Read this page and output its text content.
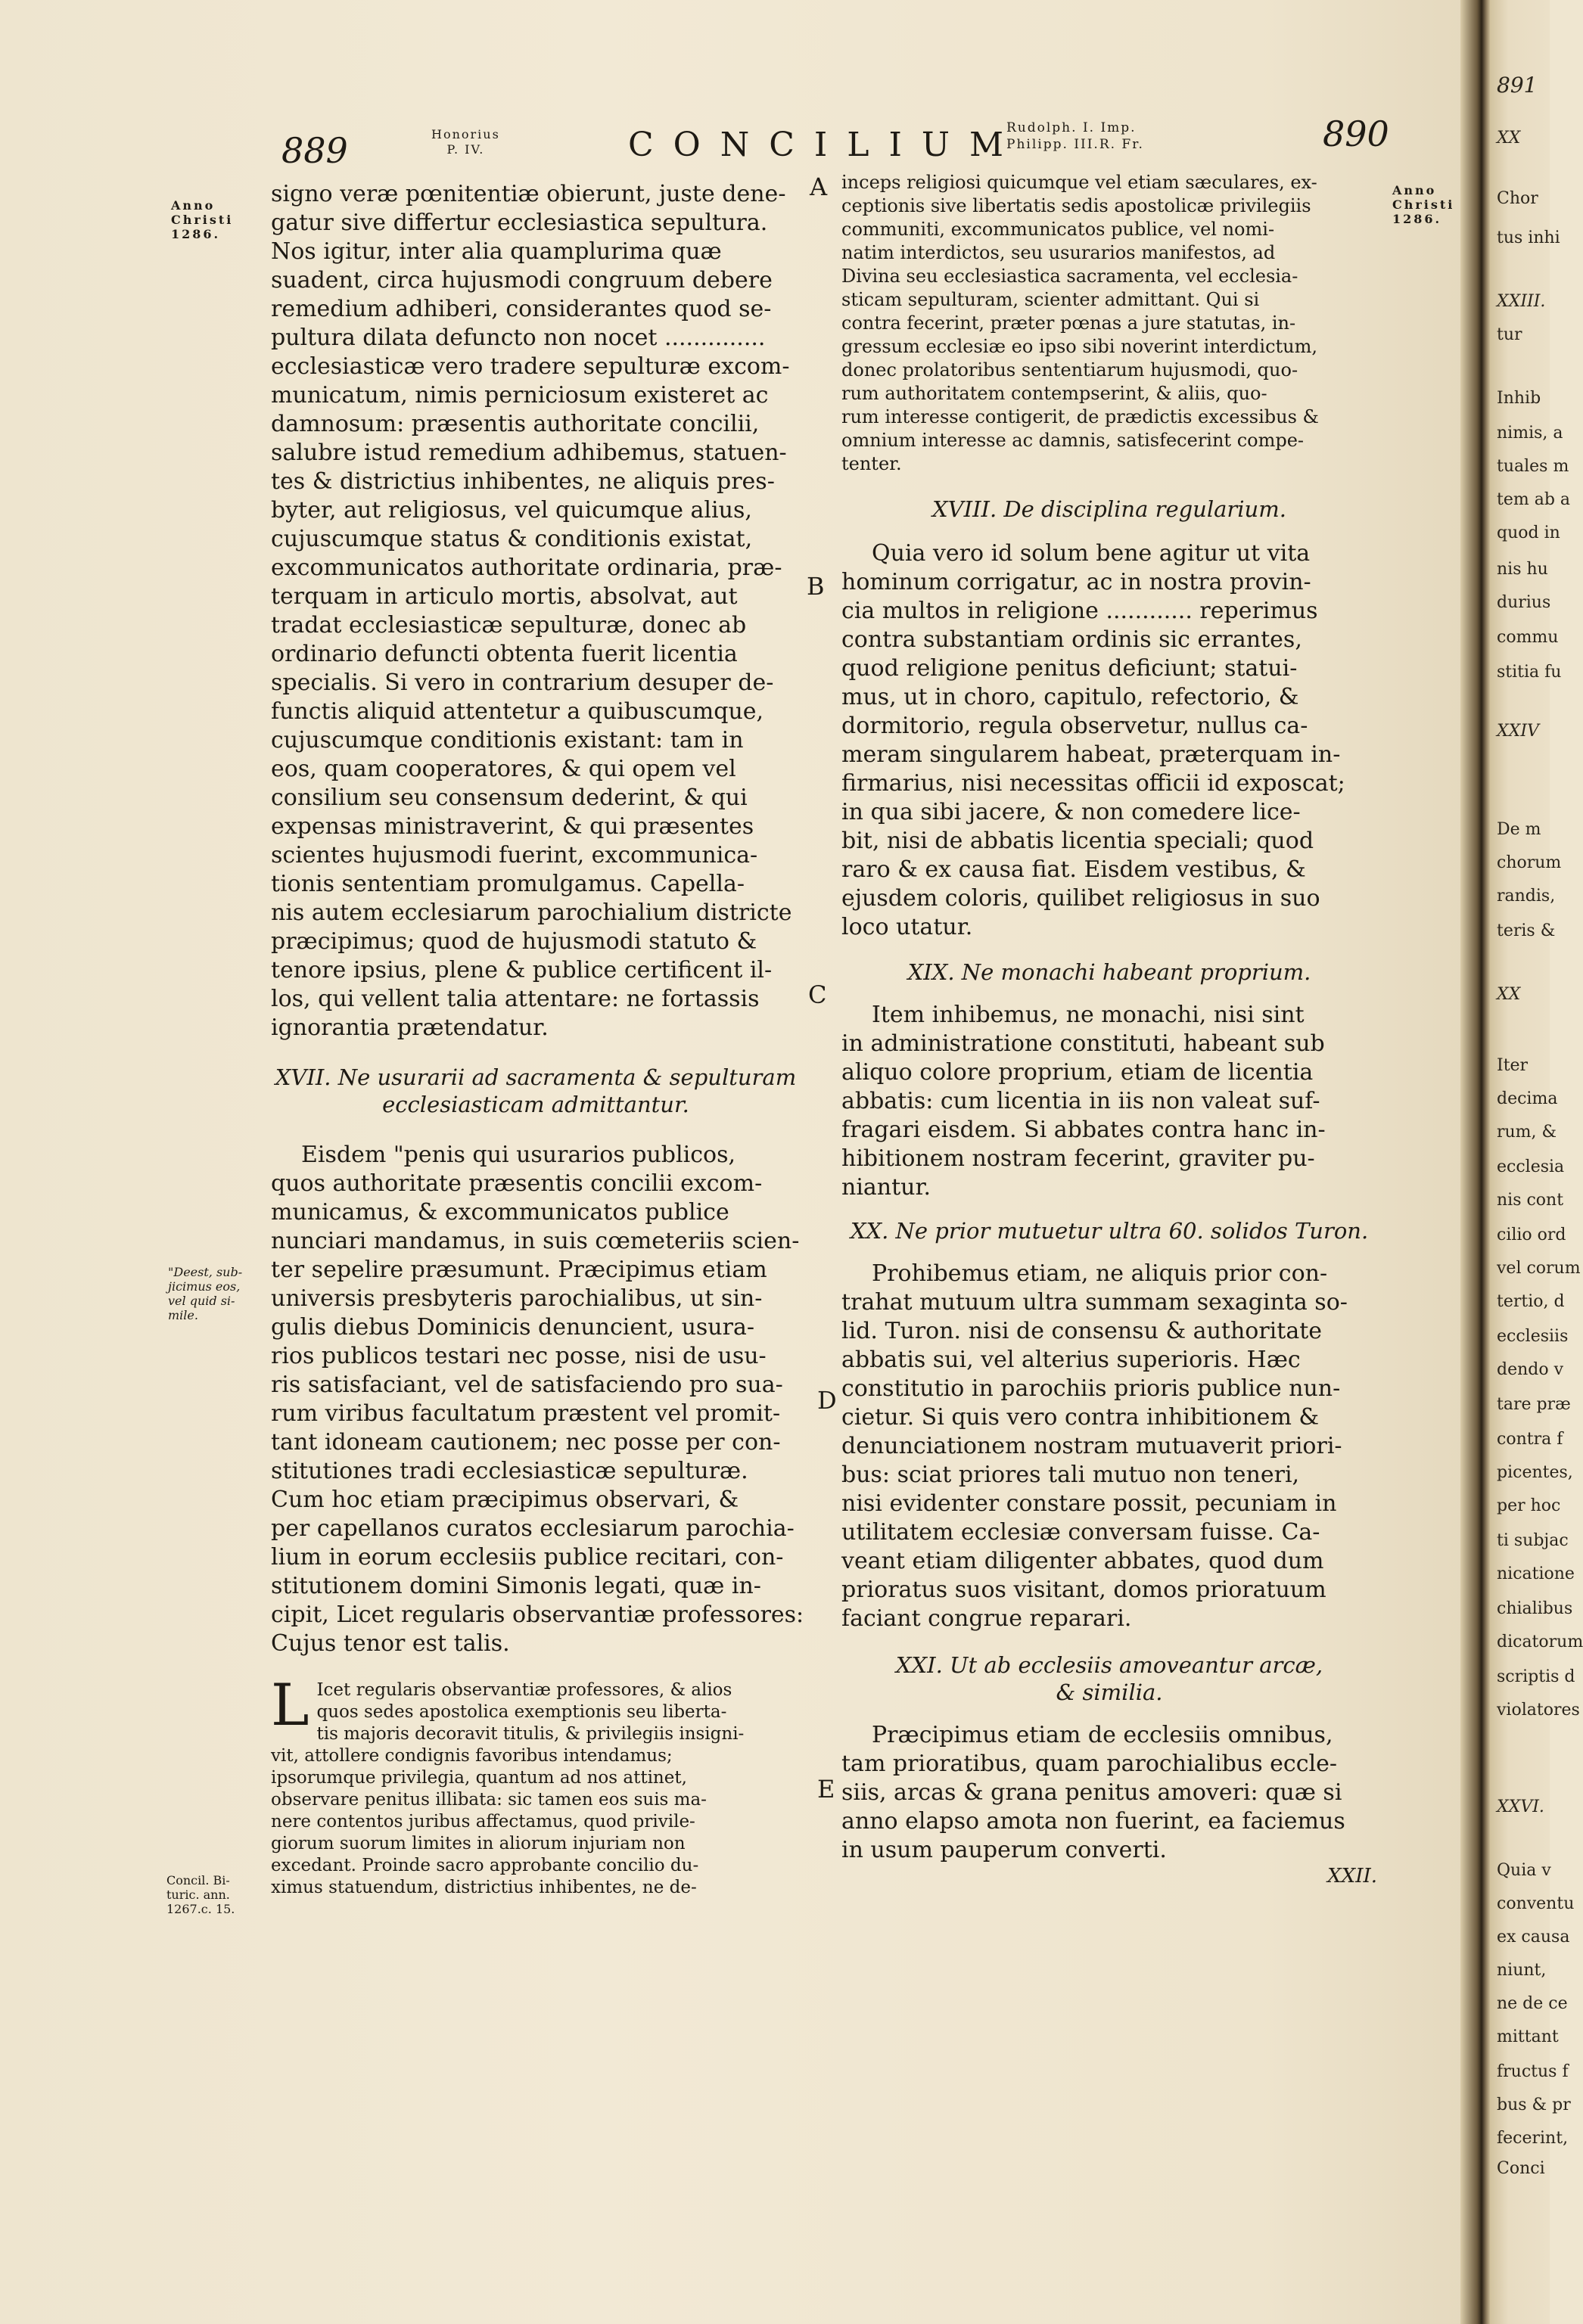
889	Honorius
P. IV.	CONCILIUM
Rudolph. I. Imp.
Philipp. III.R. Fr.	890
Anno
Christi
1286.
Anno
Christi
1286.
"Deest, sub-
jicimus eos,
vel quid si-
mile.
Concil. Bi-
turic. ann.
1267.c. 15.
A
B
C
D
E
signo veræ pœnitentiæ obierunt, juste dene-
gatur sive differtur ecclesiastica sepultura.
Nos igitur, inter alia quamplurima quæ
suadent, circa hujusmodi congruum debere
remedium adhiberi, considerantes quod se-
pultura dilata defuncto non nocet ..............
ecclesiasticæ vero tradere sepulturæ excom-
municatum, nimis perniciosum existeret ac
damnosum: præsentis authoritate concilii,
salubre istud remedium adhibemus, statuen-
tes & districtius inhibentes, ne aliquis pres-
byter, aut religiosus, vel quicumque alius,
cujuscumque status & conditionis existat,
excommunicatos authoritate ordinaria, præ-
terquam in articulo mortis, absolvat, aut
tradat ecclesiasticæ sepulturæ, donec ab
ordinario defuncti obtenta fuerit licentia
specialis. Si vero in contrarium desuper de-
functis aliquid attentetur a quibuscumque,
cujuscumque conditionis existant: tam in
eos, quam cooperatores, & qui opem vel
consilium seu consensum dederint, & qui
expensas ministraverint, & qui præsentes
scientes hujusmodi fuerint, excommunica-
tionis sententiam promulgamus. Capella-
nis autem ecclesiarum parochialium districte
præcipimus; quod de hujusmodi statuto &
tenore ipsius, plene & publice certificent il-
los, qui vellent talia attentare: ne fortassis
ignorantia prætendatur.
XVII. Ne usurarii ad sacramenta & sepulturam
ecclesiasticam admittantur.
Eisdem "penis qui usurarios publicos,
quos authoritate præsentis concilii excom-
municamus, & excommunicatos publice
nunciari mandamus, in suis cœmeteriis scien-
ter sepelire præsumunt. Præcipimus etiam
universis presbyteris parochialibus, ut sin-
gulis diebus Dominicis denuncient, usura-
rios publicos testari nec posse, nisi de usu-
ris satisfaciant, vel de satisfaciendo pro sua-
rum viribus facultatum præstent vel promit-
tant idoneam cautionem; nec posse per con-
stitutiones tradi ecclesiasticæ sepulturæ.
Cum hoc etiam præcipimus observari, &
per capellanos curatos ecclesiarum parochia-
lium in eorum ecclesiis publice recitari, con-
stitutionem domini Simonis legati, quæ in-
cipit, Licet regularis observantiæ professores:
Cujus tenor est talis.
L Icet regularis observantiæ professores, & alios
quos sedes apostolica exemptionis seu liberta-
tis majoris decoravit titulis, & privilegiis insigni-
vit, attollere condignis favoribus intendamus;
ipsorumque privilegia, quantum ad nos attinet,
observare penitus illibata: sic tamen eos suis ma-
nere contentos juribus affectamus, quod privile-
giorum suorum limites in aliorum injuriam non
excedant. Proinde sacro approbante concilio du-
ximus statuendum, districtius inhibentes, ne de-
inceps religiosi quicumque vel etiam sæculares, ex-
ceptionis sive libertatis sedis apostolicæ privilegiis
communiti, excommunicatos publice, vel nomi-
natim interdictos, seu usurarios manifestos, ad
Divina seu ecclesiastica sacramenta, vel ecclesia-
sticam sepulturam, scienter admittant. Qui si
contra fecerint, præter pœnas a jure statutas, in-
gressum ecclesiæ eo ipso sibi noverint interdictum,
donec prolatoribus sententiarum hujusmodi, quo-
rum authoritatem contempserint, & aliis, quo-
rum interesse contigerit, de prædictis excessibus &
omnium interesse ac damnis, satisfecerint compe-
tenter.
XVIII. De disciplina regularium.
Quia vero id solum bene agitur ut vita
hominum corrigatur, ac in nostra provin-
cia multos in religione ............ reperimus
contra substantiam ordinis sic errantes,
quod religione penitus deficiunt; statui-
mus, ut in choro, capitulo, refectorio, &
dormitorio, regula observetur, nullus ca-
meram singularem habeat, præterquam in-
firmarius, nisi necessitas officii id exposcat;
in qua sibi jacere, & non comedere lice-
bit, nisi de abbatis licentia speciali; quod
raro & ex causa fiat. Eisdem vestibus, &
ejusdem coloris, quilibet religiosus in suo
loco utatur.
XIX. Ne monachi habeant proprium.
Item inhibemus, ne monachi, nisi sint
in administratione constituti, habeant sub
aliquo colore proprium, etiam de licentia
abbatis: cum licentia in iis non valeat suf-
fragari eisdem. Si abbates contra hanc in-
hibitionem nostram fecerint, graviter pu-
niantur.
XX. Ne prior mutuetur ultra 60. solidos Turon.
Prohibemus etiam, ne aliquis prior con-
trahat mutuum ultra summam sexaginta so-
lid. Turon. nisi de consensu & authoritate
abbatis sui, vel alterius superioris. Hæc
constitutio in parochiis prioris publice nun-
cietur. Si quis vero contra inhibitionem &
denunciationem nostram mutuaverit priori-
bus: sciat priores tali mutuo non teneri,
nisi evidenter constare possit, pecuniam in
utilitatem ecclesiæ conversam fuisse. Ca-
veant etiam diligenter abbates, quod dum
prioratus suos visitant, domos prioratuum
faciant congrue reparari.
XXI. Ut ab ecclesiis amoveantur arcæ,
& similia.
Præcipimus etiam de ecclesiis omnibus,
tam prioratibus, quam parochialibus eccle-
siis, arcas & grana penitus amoveri: quæ si
anno elapso amota non fuerint, ea faciemus
in usum pauperum converti.
XXII.
891
XX
Chor
tus inhi
XXIII.
tur
Inhib
nimis, a
tuales m
tem ab a
quod in
nis hu
durius
commu
stitia fu
XXIV
De m
chorum
randis,
teris &
XX
Iter
decima
rum, &
ecclesia
nis cont
cilio ord
vel corum
tertio, d
ecclesiis
dendo v
tare præ
contra f
picentes,
per hoc
ti subjac
nicatione
chialibus
dicatorum
scriptis d
violatores
XXVI.
Quia v
conventu
ex causa
niunt,
ne de ce
mittant
fructus f
bus & pr
fecerint,
Conci
